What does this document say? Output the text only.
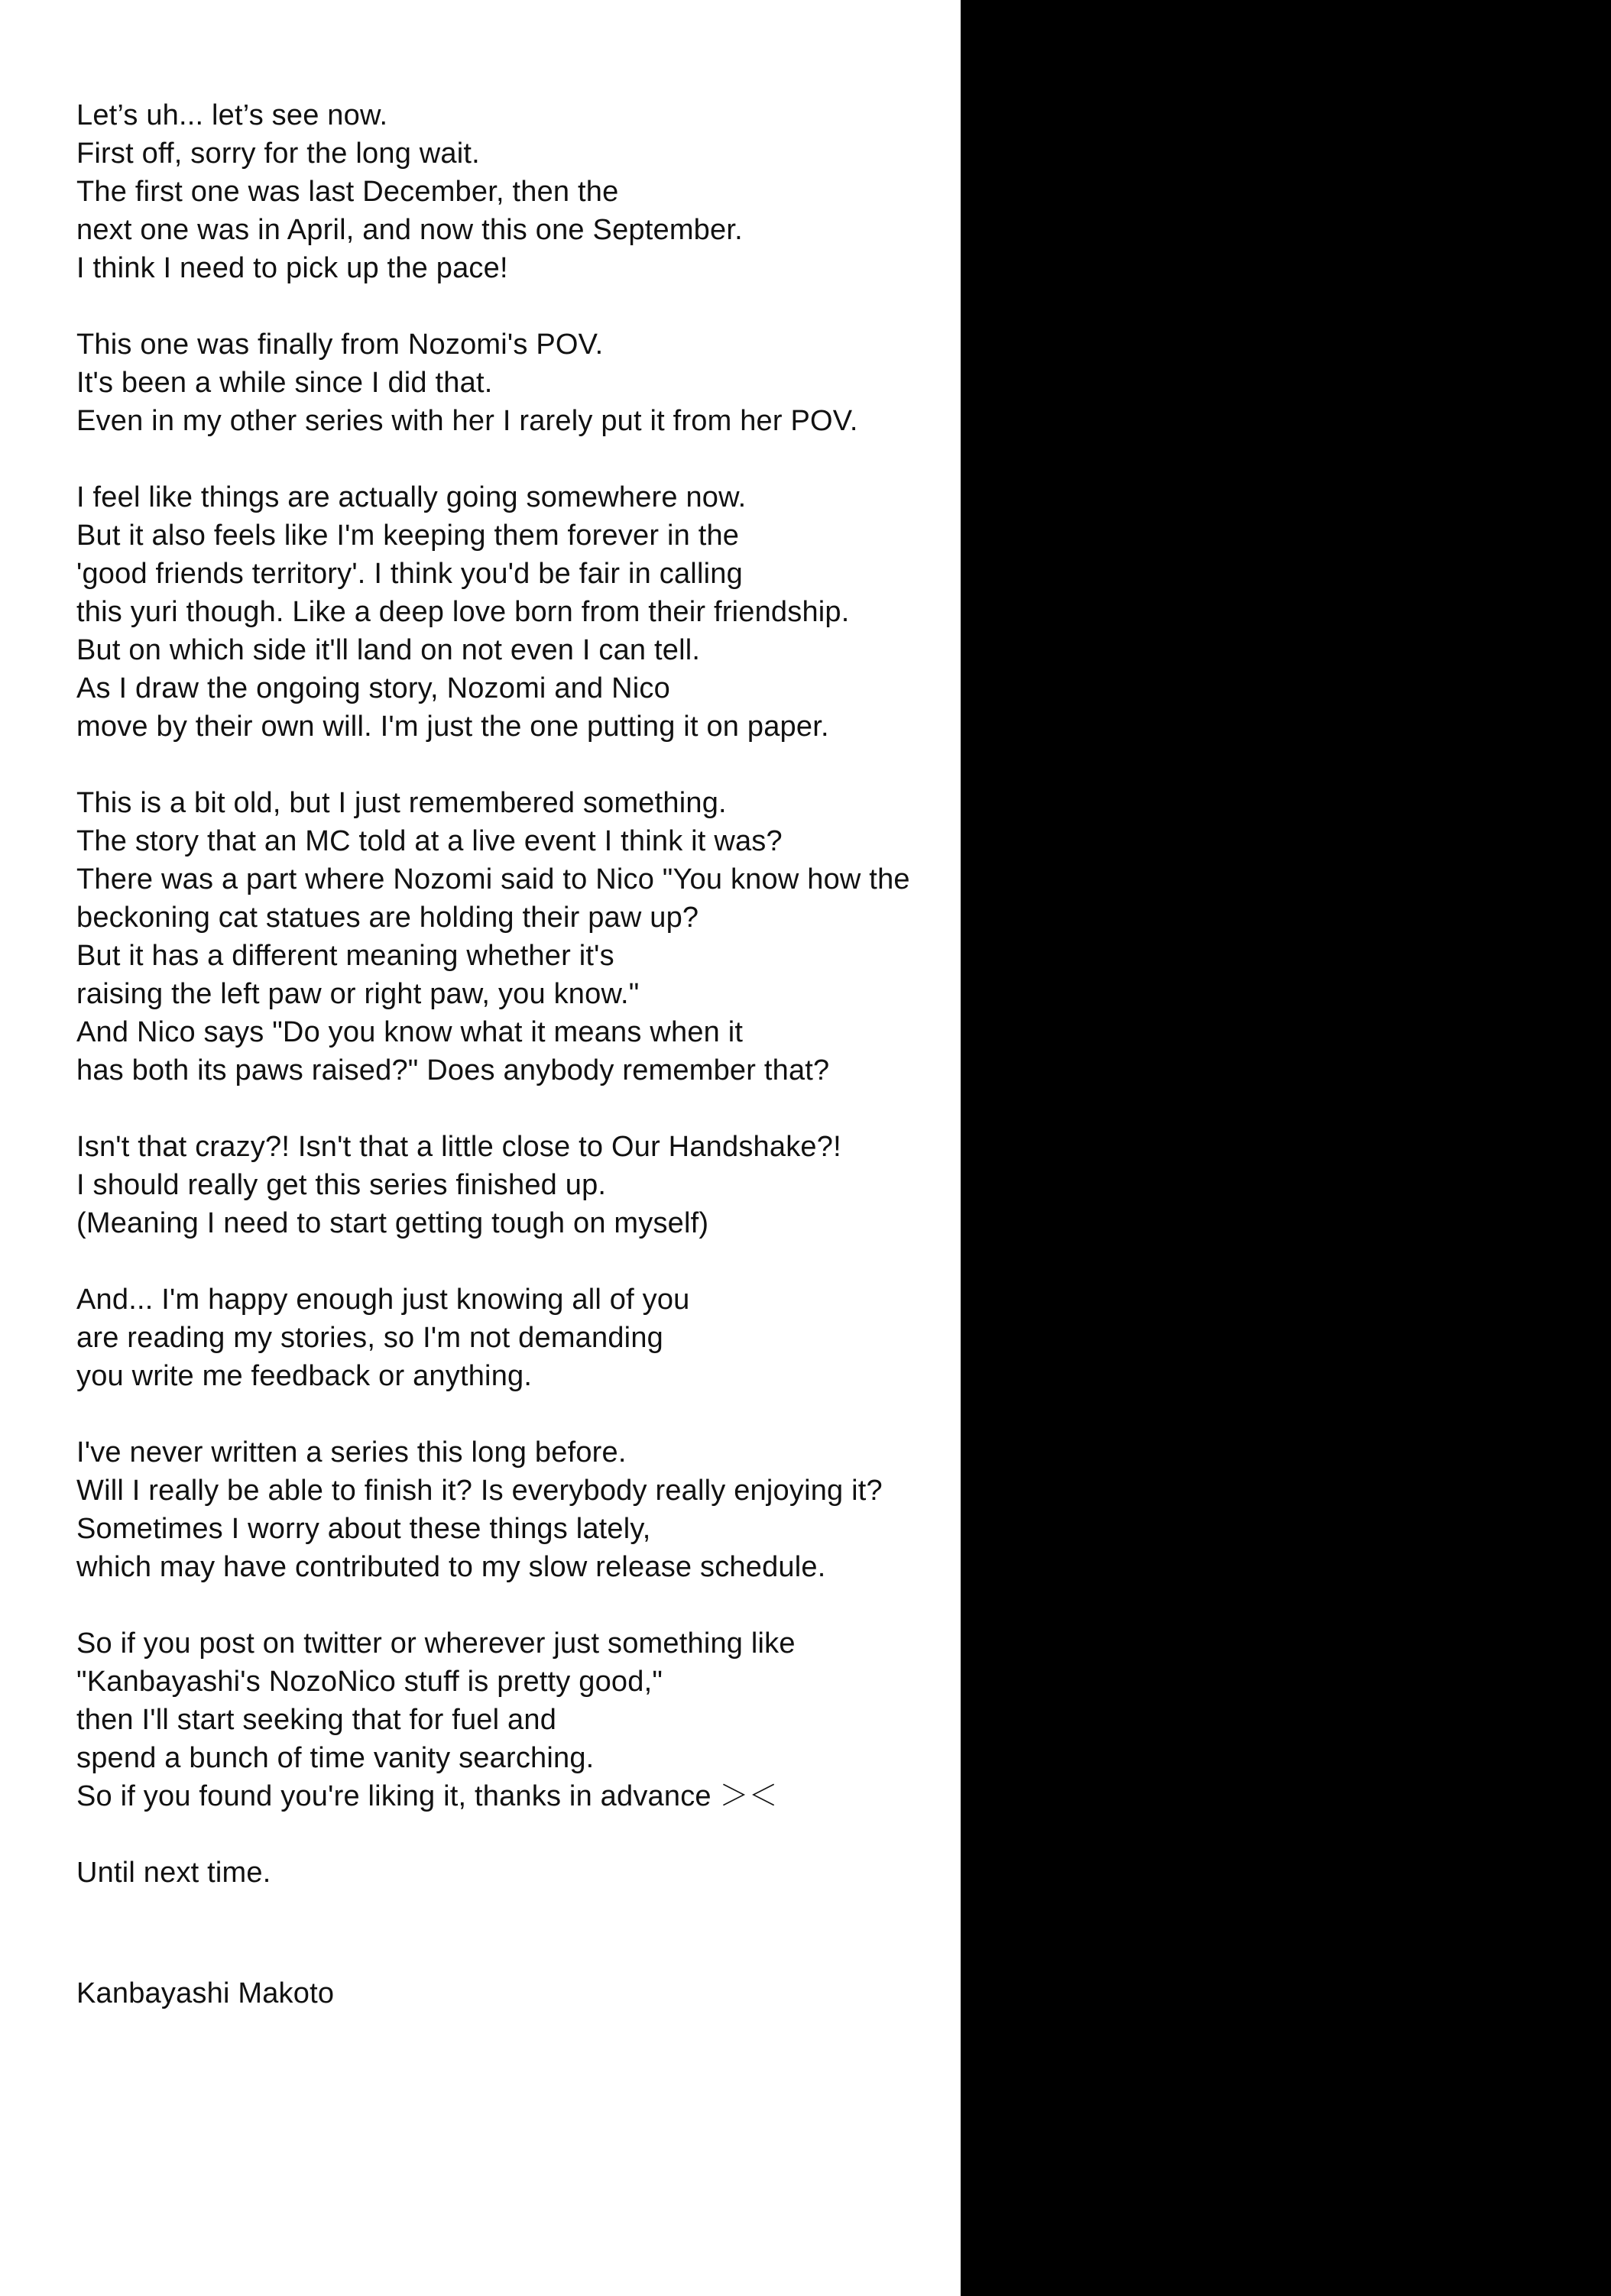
Let’s uh... let’s see now.
First off, sorry for the long wait.
The first one was last December, then the
next one was in April, and now this one September.
I think I need to pick up the pace!
This one was finally from Nozomi's POV.
It's been a while since I did that.
Even in my other series with her I rarely put it from her POV.
I feel like things are actually going somewhere now.
But it also feels like I'm keeping them forever in the
'good friends territory'. I think you'd be fair in calling
this yuri though. Like a deep love born from their friendship.
But on which side it'll land on not even I can tell.
As I draw the ongoing story, Nozomi and Nico
move by their own will. I'm just the one putting it on paper.
This is a bit old, but I just remembered something.
The story that an MC told at a live event I think it was?
There was a part where Nozomi said to Nico "You know how the
beckoning cat statues are holding their paw up?
But it has a different meaning whether it's
raising the left paw or right paw, you know."
And Nico says "Do you know what it means when it
has both its paws raised?" Does anybody remember that?
Isn't that crazy?! Isn't that a little close to Our Handshake?!
I should really get this series finished up.
(Meaning I need to start getting tough on myself)
And... I'm happy enough just knowing all of you
are reading my stories, so I'm not demanding
you write me feedback or anything.
I've never written a series this long before.
Will I really be able to finish it? Is everybody really enjoying it?
Sometimes I worry about these things lately,
which may have contributed to my slow release schedule.
So if you post on twitter or wherever just something like
"Kanbayashi's NozoNico stuff is pretty good,"
then I'll start seeking that for fuel and
spend a bunch of time vanity searching.
So if you found you're liking it, thanks in advance ＞＜
Until next time.
Kanbayashi Makoto
